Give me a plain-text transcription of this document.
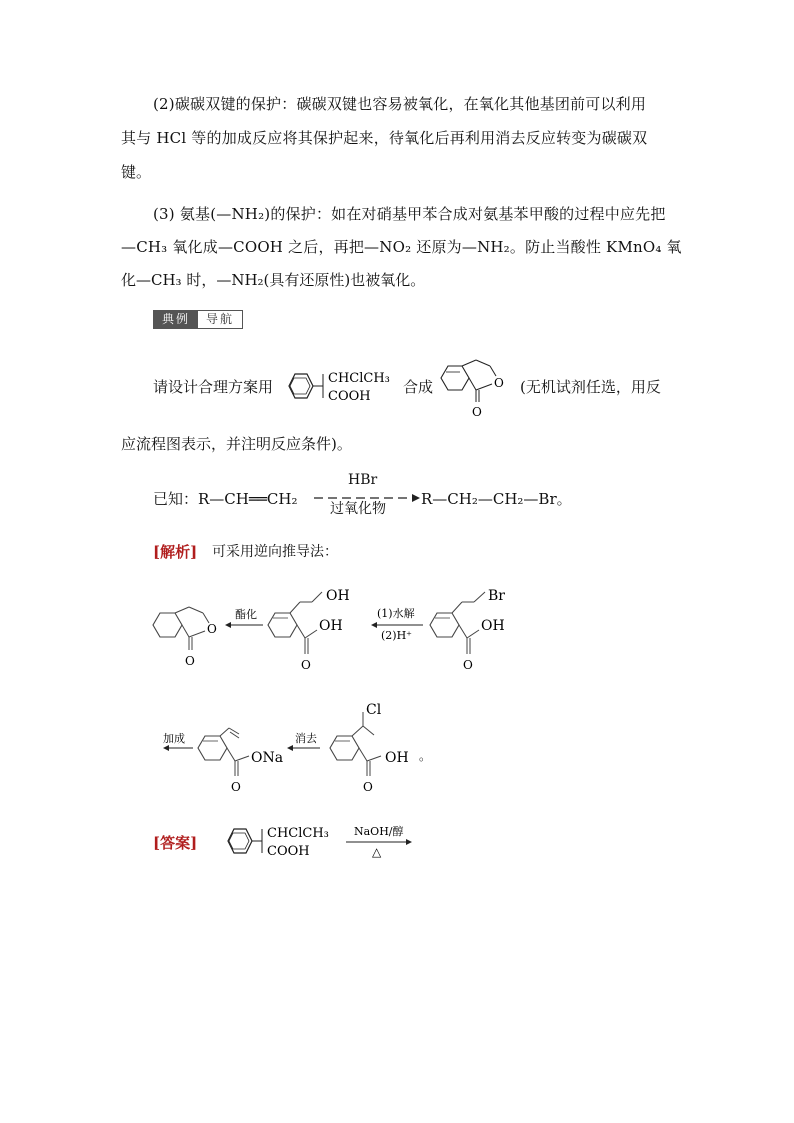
(2)碳碳双键的保护：碳碳双键也容易被氧化，在氧化其他基团前可以利用
其与 HCl 等的加成反应将其保护起来，待氧化后再利用消去反应转变为碳碳双
键。
(3) 氨基(—NH₂)的保护：如在对硝基甲苯合成对氨基苯甲酸的过程中应先把
—CH₃ 氧化成—COOH 之后，再把—NO₂ 还原为—NH₂。防止当酸性 KMnO₄ 氧
化—CH₃ 时，—NH₂(具有还原性)也被氧化。
典例	导航
请设计合理方案用	CHClCH₃
COOH
合成	O
O
(无机试剂任选，用反
应流程图表示，并注明反应条件)。
已知：R—CH══CH₂
HBr
过氧化物
R—CH₂—CH₂—Br。
[解析] 可采用逆向推导法：
O
O
酯化
OH
OH
O
(1)水解
(2)H⁺
Br
OH
O
加成
ONa
O
消去
Cl
OH
O
。
[答案]
CHClCH₃
COOH
NaOH/醇
△
